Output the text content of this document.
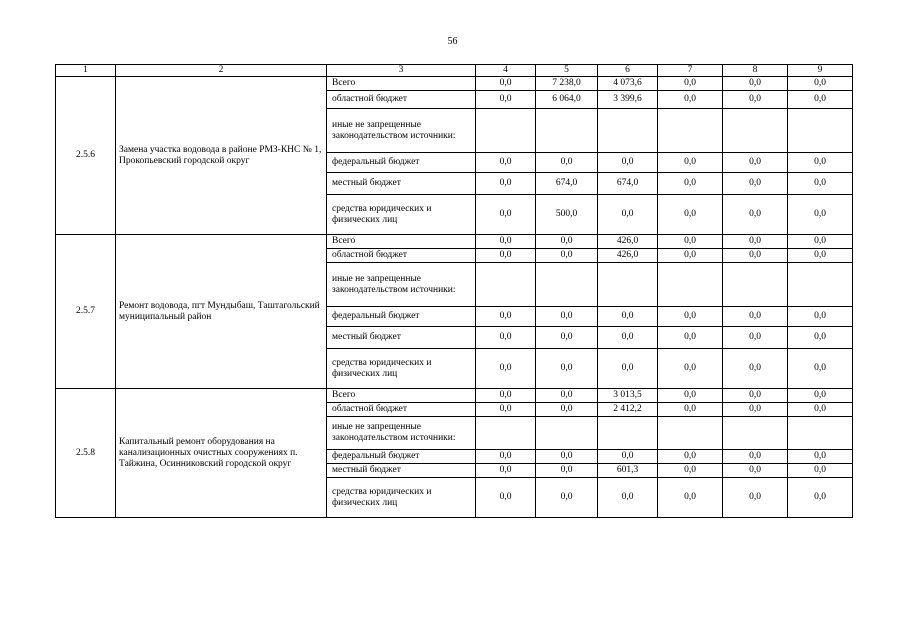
56
1	2	3	4	5	6	7	8	9
2.5.6	Замена участка водовода в районе РМЗ-КНС № 1, Прокопьевский городской округ	Всего	0,0	7 238,0	4 073,6	0,0	0,0	0,0
		областной бюджет	0,0	6 064,0	3 399,6	0,0	0,0	0,0
		иные не запрещенные законодательством источники:						
		федеральный бюджет	0,0	0,0	0,0	0,0	0,0	0,0
		местный бюджет	0,0	674,0	674,0	0,0	0,0	0,0
		средства юридических и физических лиц	0,0	500,0	0,0	0,0	0,0	0,0
2.5.7	Ремонт водовода, пгт Мундыбаш, Таштагольский муниципальный район	Всего	0,0	0,0	426,0	0,0	0,0	0,0
		областной бюджет	0,0	0,0	426,0	0,0	0,0	0,0
		иные не запрещенные законодательством источники:						
		федеральный бюджет	0,0	0,0	0,0	0,0	0,0	0,0
		местный бюджет	0,0	0,0	0,0	0,0	0,0	0,0
		средства юридических и физических лиц	0,0	0,0	0,0	0,0	0,0	0,0
2.5.8	Капитальный ремонт оборудования на канализационных очистных сооружениях п. Тайжина, Осинниковский городской округ	Всего	0,0	0,0	3 013,5	0,0	0,0	0,0
		областной бюджет	0,0	0,0	2 412,2	0,0	0,0	0,0
		иные не запрещенные законодательством источники:						
		федеральный бюджет	0,0	0,0	0,0	0,0	0,0	0,0
		местный бюджет	0,0	0,0	601,3	0,0	0,0	0,0
		средства юридических и физических лиц	0,0	0,0	0,0	0,0	0,0	0,0
